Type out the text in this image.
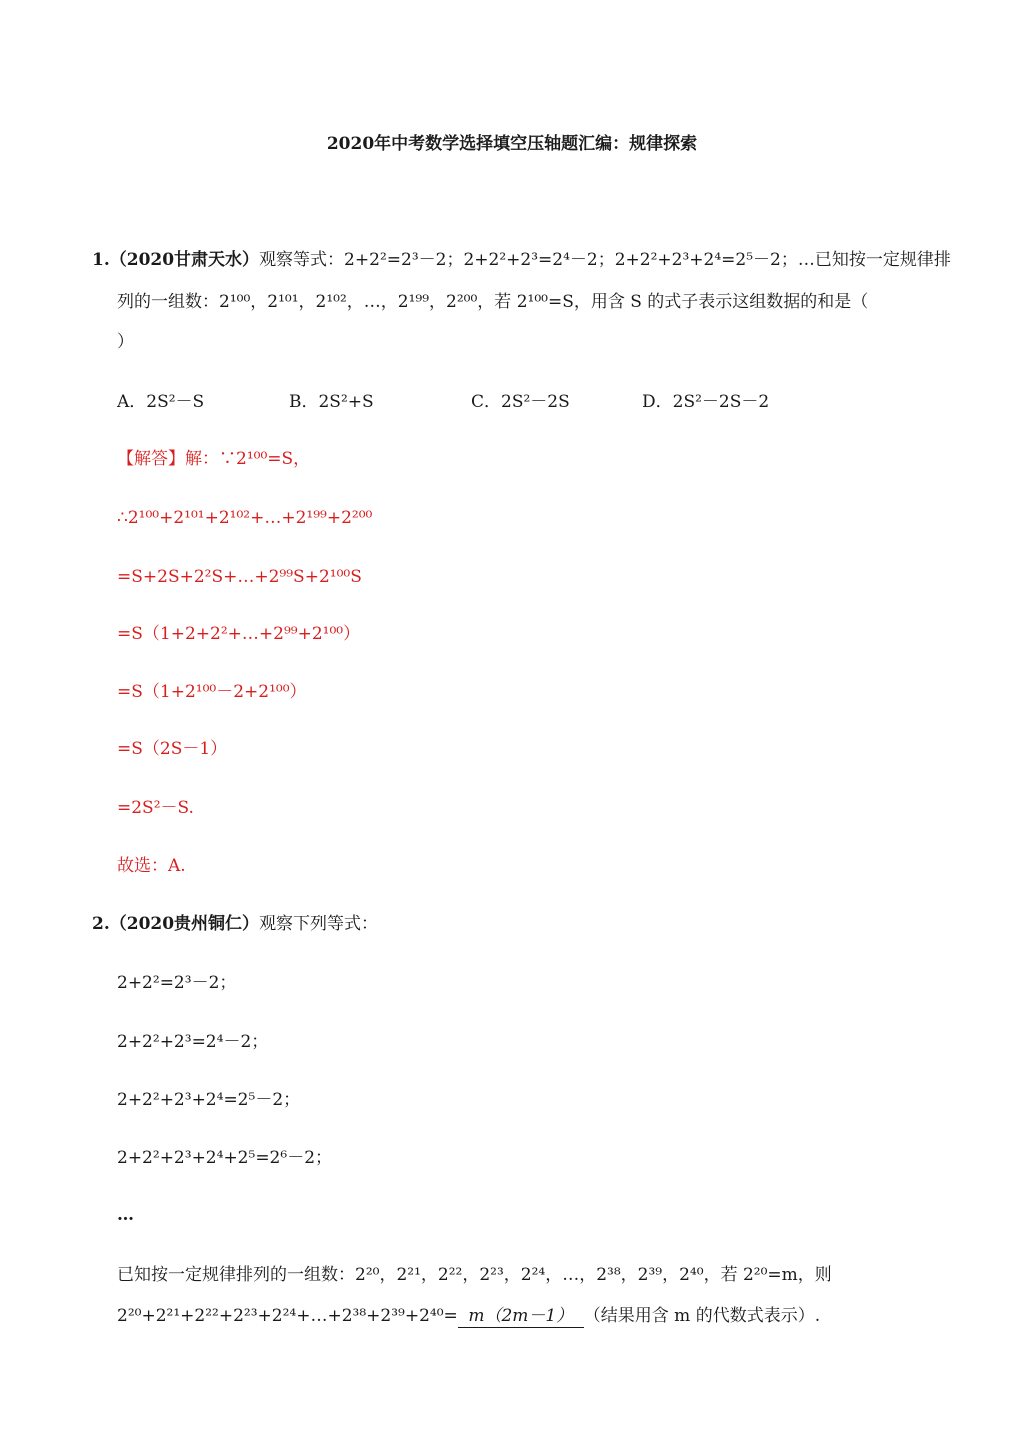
2020年中考数学选择填空压轴题汇编：规律探索
1.（2020甘肃天水）观察等式：2+2²=2³－2；2+2²+2³=2⁴－2；2+2²+2³+2⁴=2⁵－2；…已知按一定规律排
列的一组数：2¹⁰⁰，2¹⁰¹，2¹⁰²，…，2¹⁹⁹，2²⁰⁰，若 2¹⁰⁰=S，用含 S 的式子表示这组数据的和是（
）
A．2S²－S	B．2S²+S	C．2S²－2S	D．2S²－2S－2
【解答】解：∵2¹⁰⁰=S，
∴2¹⁰⁰+2¹⁰¹+2¹⁰²+…+2¹⁹⁹+2²⁰⁰
=S+2S+2²S+…+2⁹⁹S+2¹⁰⁰S
=S（1+2+2²+…+2⁹⁹+2¹⁰⁰）
=S（1+2¹⁰⁰－2+2¹⁰⁰）
=S（2S－1）
=2S²－S.
故选：A.
2.（2020贵州铜仁）观察下列等式：
2+2²=2³－2；
2+2²+2³=2⁴－2；
2+2²+2³+2⁴=2⁵－2；
2+2²+2³+2⁴+2⁵=2⁶－2；
…
已知按一定规律排列的一组数：2²⁰，2²¹，2²²，2²³，2²⁴，…，2³⁸，2³⁹，2⁴⁰，若 2²⁰=m，则
2²⁰+2²¹+2²²+2²³+2²⁴+…+2³⁸+2³⁹+2⁴⁰= m（2m－1） （结果用含 m 的代数式表示）.
